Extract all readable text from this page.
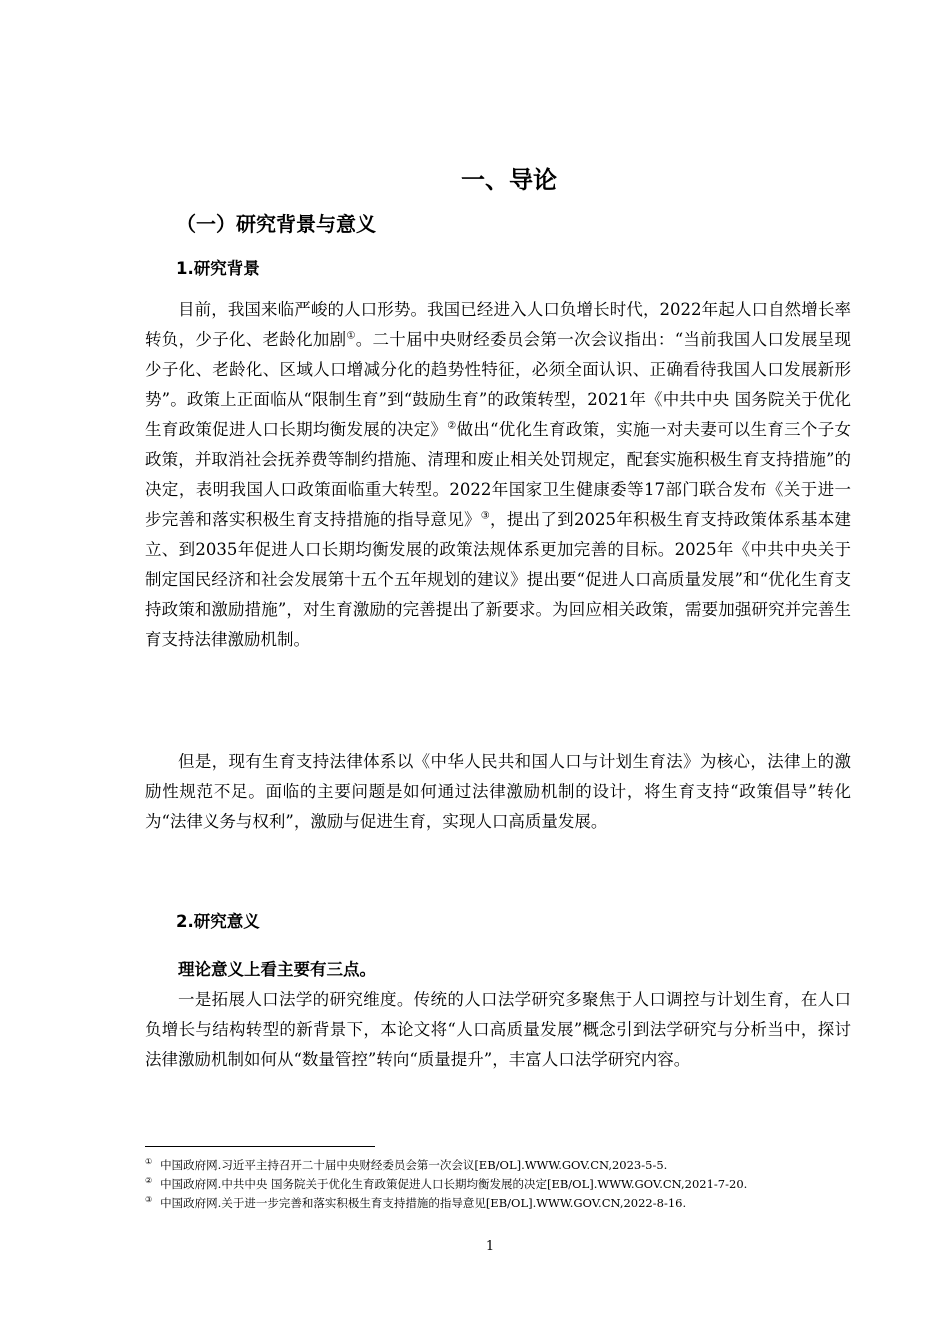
一、导论
（一）研究背景与意义
1.研究背景

目前，我国来临严峻的人口形势。我国已经进入人口负增长时代，2022年起人口自然增长率转负，少子化、老龄化加剧①。二十届中央财经委员会第一次会议指出：“当前我国人口发展呈现少子化、老龄化、区域人口增减分化的趋势性特征，必须全面认识、正确看待我国人口发展新形势”。政策上正面临从“限制生育”到“鼓励生育”的政策转型，2021年《中共中央 国务院关于优化生育政策促进人口长期均衡发展的决定》②做出“优化生育政策，实施一对夫妻可以生育三个子女政策，并取消社会抚养费等制约措施、清理和废止相关处罚规定，配套实施积极生育支持措施”的决定，表明我国人口政策面临重大转型。2022年国家卫生健康委等17部门联合发布《关于进一步完善和落实积极生育支持措施的指导意见》③，提出了到2025年积极生育支持政策体系基本建立、到2035年促进人口长期均衡发展的政策法规体系更加完善的目标。2025年《中共中央关于制定国民经济和社会发展第十五个五年规划的建议》提出要“促进人口高质量发展”和“优化生育支持政策和激励措施”，对生育激励的完善提出了新要求。为回应相关政策，需要加强研究并完善生育支持法律激励机制。

但是，现有生育支持法律体系以《中华人民共和国人口与计划生育法》为核心，法律上的激励性规范不足。面临的主要问题是如何通过法律激励机制的设计，将生育支持“政策倡导”转化为“法律义务与权利”，激励与促进生育，实现人口高质量发展。

2.研究意义

理论意义上看主要有三点。

一是拓展人口法学的研究维度。传统的人口法学研究多聚焦于人口调控与计划生育，在人口负增长与结构转型的新背景下，本论文将“人口高质量发展”概念引到法学研究与分析当中，探讨法律激励机制如何从“数量管控”转向“质量提升”，丰富人口法学研究内容。

① 中国政府网.习近平主持召开二十届中央财经委员会第一次会议[EB/OL].WWW.GOV.CN,2023-5-5.

② 中国政府网.中共中央 国务院关于优化生育政策促进人口长期均衡发展的决定[EB/OL].WWW.GOV.CN,2021-7-20.

③ 中国政府网.关于进一步完善和落实积极生育支持措施的指导意见[EB/OL].WWW.GOV.CN,2022-8-16.

1
